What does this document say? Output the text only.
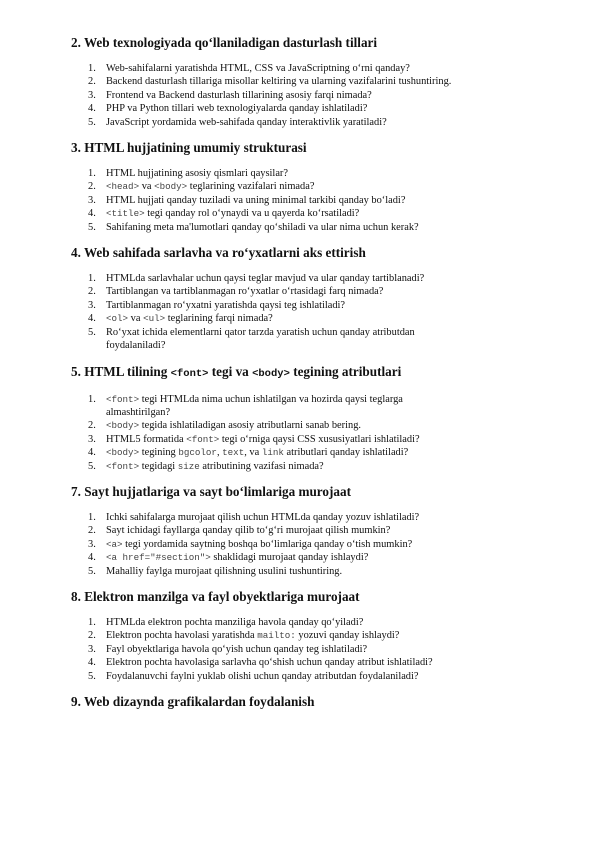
2. Web texnologiyada qo‘llaniladigan dasturlash tillari
1. Web-sahifalarni yaratishda HTML, CSS va JavaScriptning o‘rni qanday?
2. Backend dasturlash tillariga misollar keltiring va ularning vazifalarini tushuntiring.
3. Frontend va Backend dasturlash tillarining asosiy farqi nimada?
4. PHP va Python tillari web texnologiyalarda qanday ishlatiladi?
5. JavaScript yordamida web-sahifada qanday interaktivlik yaratiladi?
3. HTML hujjatining umumiy strukturasi
1. HTML hujjatining asosiy qismlari qaysilar?
2.	<head> va <body> teglarining vazifalari nimada?
3. HTML hujjati qanday tuziladi va uning minimal tarkibi qanday bo‘ladi?
4.	<title> tegi qanday rol o‘ynaydi va u qayerda ko‘rsatiladi?
5. Sahifaning meta ma'lumotlari qanday qo‘shiladi va ular nima uchun kerak?
4. Web sahifada sarlavha va ro‘yxatlarni aks ettirish
1. HTMLda sarlavhalar uchun qaysi teglar mavjud va ular qanday tartiblanadi?
2. Tartiblangan va tartiblanmagan ro‘yxatlar o‘rtasidagi farq nimada?
3. Tartiblanmagan ro‘yxatni yaratishda qaysi teg ishlatiladi?
4.	<ol> va <ul> teglarining farqi nimada?
5. Ro‘yxat ichida elementlarni qator tarzda yaratish uchun qanday atributdan
foydalaniladi?
5. HTML tilining <font> tegi va <body> tegining atributlari
1.	<font> tegi HTMLda nima uchun ishlatilgan va hozirda qaysi teglarga
almashtirilgan?
2.	<body> tegida ishlatiladigan asosiy atributlarni sanab bering.
3. HTML5 formatida <font> tegi o‘rniga qaysi CSS xususiyatlari ishlatiladi?
4.	<body> tegining bgcolor, text, va link atributlari qanday ishlatiladi?
5.	<font> tegidagi size atributining vazifasi nimada?
7. Sayt hujjatlariga va sayt bo‘limlariga murojaat
1. Ichki sahifalarga murojaat qilish uchun HTMLda qanday yozuv ishlatiladi?
2. Sayt ichidagi fayllarga qanday qilib to‘g‘ri murojaat qilish mumkin?
3.	<a> tegi yordamida saytning boshqa bo‘limlariga qanday o‘tish mumkin?
4.	<a href="#section"> shaklidagi murojaat qanday ishlaydi?
5. Mahalliy faylga murojaat qilishning usulini tushuntiring.
8. Elektron manzilga va fayl obyektlariga murojaat
1. HTMLda elektron pochta manziliga havola qanday qo‘yiladi?
2. Elektron pochta havolasi yaratishda mailto: yozuvi qanday ishlaydi?
3. Fayl obyektlariga havola qo‘yish uchun qanday teg ishlatiladi?
4. Elektron pochta havolasiga sarlavha qo‘shish uchun qanday atribut ishlatiladi?
5. Foydalanuvchi faylni yuklab olishi uchun qanday atributdan foydalaniladi?
9. Web dizaynda grafikalardan foydalanish
